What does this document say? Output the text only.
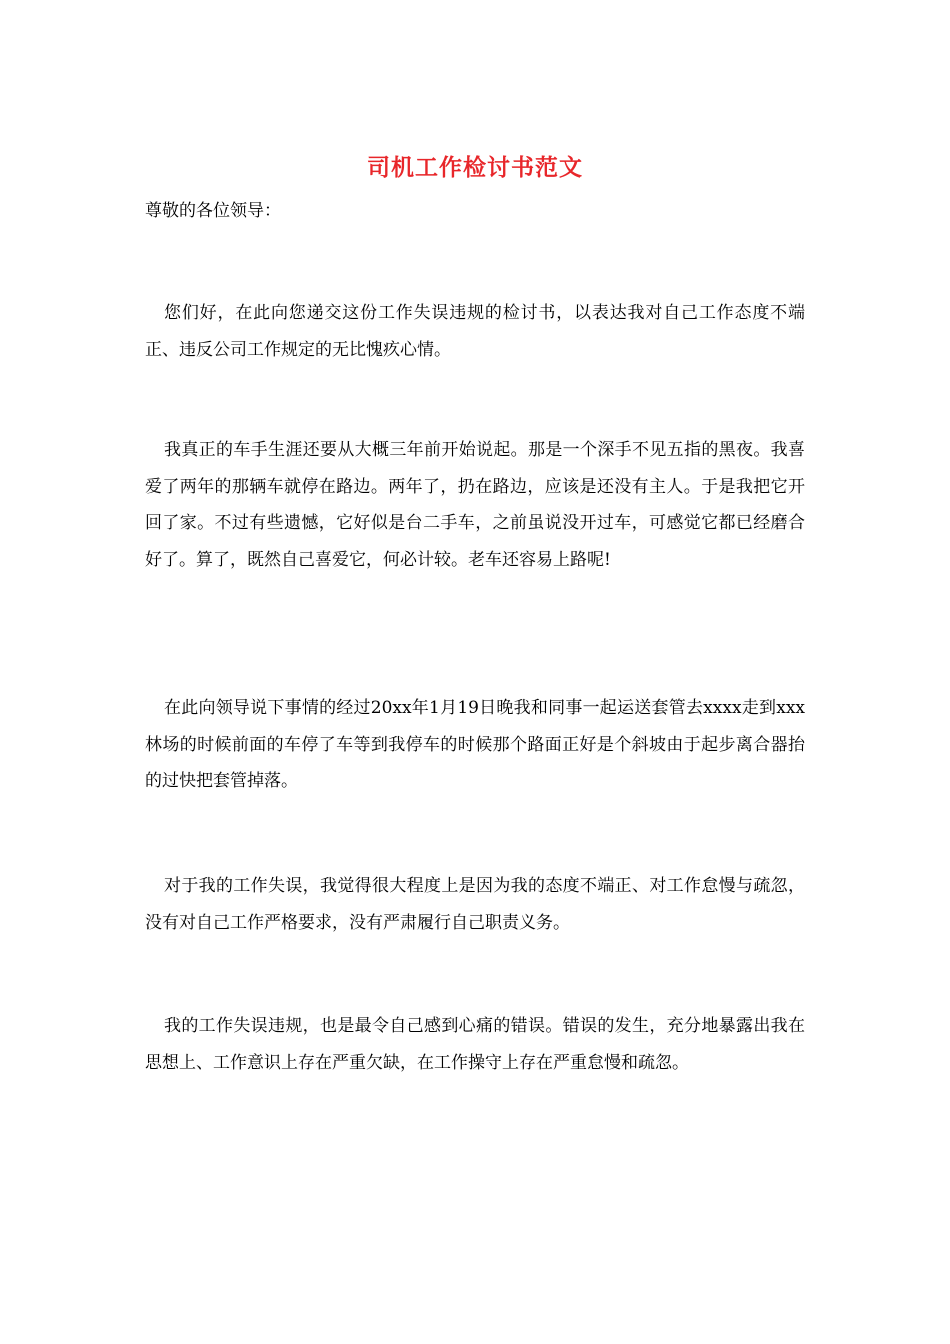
司机工作检讨书范文
尊敬的各位领导：

您们好，在此向您递交这份工作失误违规的检讨书，以表达我对自己工作态度不端正、违反公司工作规定的无比愧疚心情。

我真正的车手生涯还要从大概三年前开始说起。那是一个深手不见五指的黑夜。我喜爱了两年的那辆车就停在路边。两年了，扔在路边，应该是还没有主人。于是我把它开回了家。不过有些遗憾，它好似是台二手车，之前虽说没开过车，可感觉它都已经磨合好了。算了，既然自己喜爱它，何必计较。老车还容易上路呢!

在此向领导说下事情的经过20xx年1月19日晚我和同事一起运送套管去xxxx走到xxx林场的时候前面的车停了车等到我停车的时候那个路面正好是个斜坡由于起步离合器抬的过快把套管掉落。

对于我的工作失误，我觉得很大程度上是因为我的态度不端正、对工作怠慢与疏忽，没有对自己工作严格要求，没有严肃履行自己职责义务。

我的工作失误违规，也是最令自己感到心痛的错误。错误的发生，充分地暴露出我在思想上、工作意识上存在严重欠缺，在工作操守上存在严重怠慢和疏忽。
